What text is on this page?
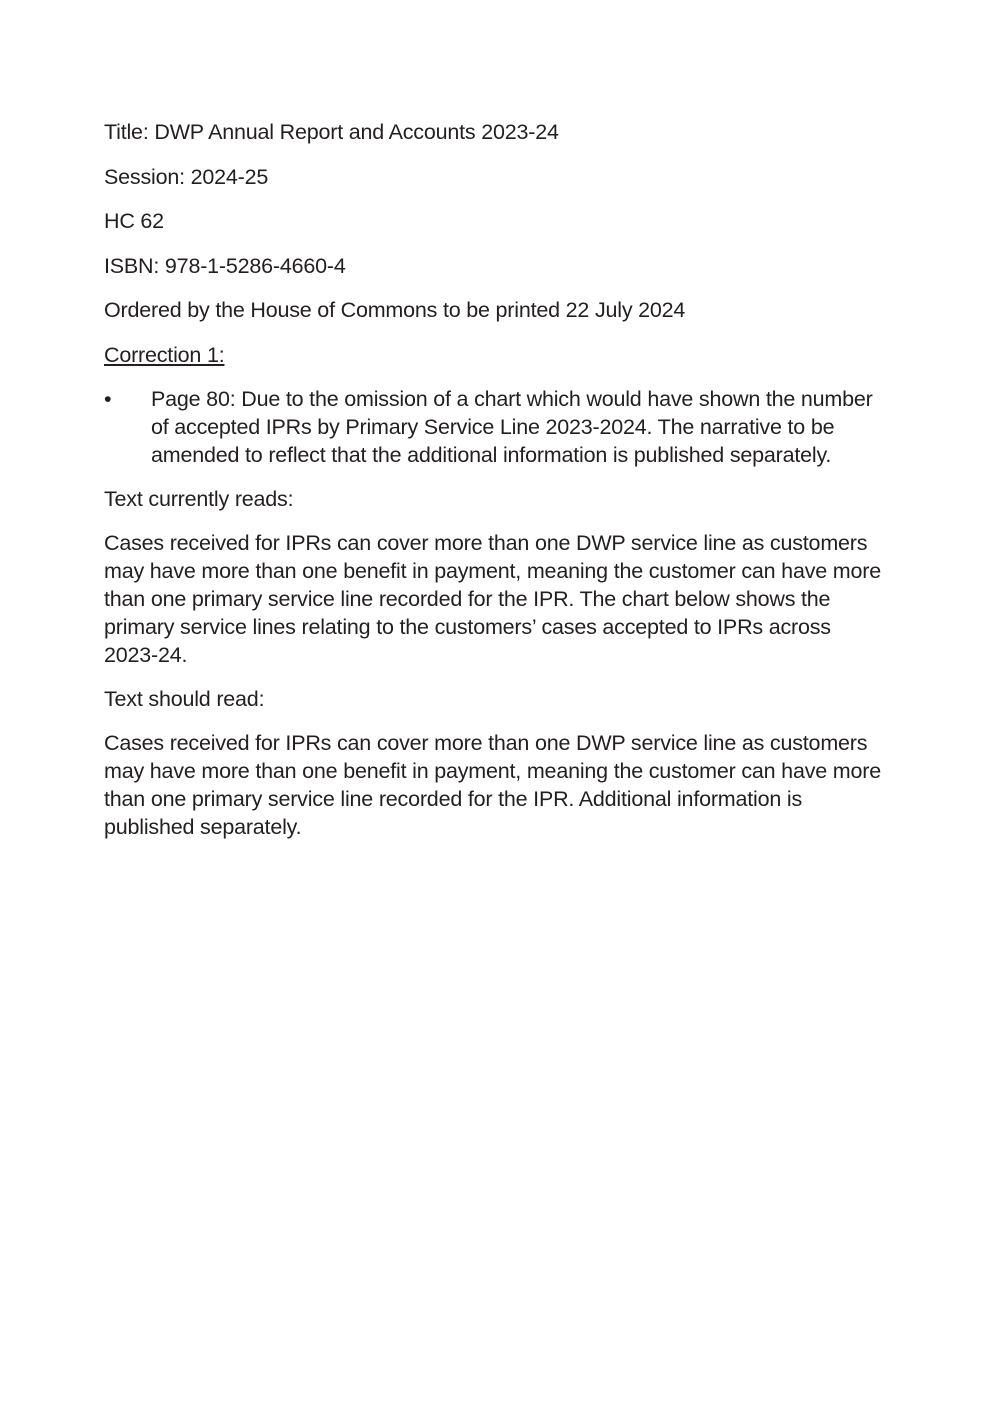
Title: DWP Annual Report and Accounts 2023-24

Session: 2024-25

HC 62

ISBN: 978-1-5286-4660-4

Ordered by the House of Commons to be printed 22 July 2024

Correction 1:

•	Page 80: Due to the omission of a chart which would have shown the number of accepted IPRs by Primary Service Line 2023-2024. The narrative to be amended to reflect that the additional information is published separately.

Text currently reads:

Cases received for IPRs can cover more than one DWP service line as customers may have more than one benefit in payment, meaning the customer can have more than one primary service line recorded for the IPR. The chart below shows the primary service lines relating to the customers’ cases accepted to IPRs across 2023-24.

Text should read:

Cases received for IPRs can cover more than one DWP service line as customers may have more than one benefit in payment, meaning the customer can have more than one primary service line recorded for the IPR. Additional information is published separately.
